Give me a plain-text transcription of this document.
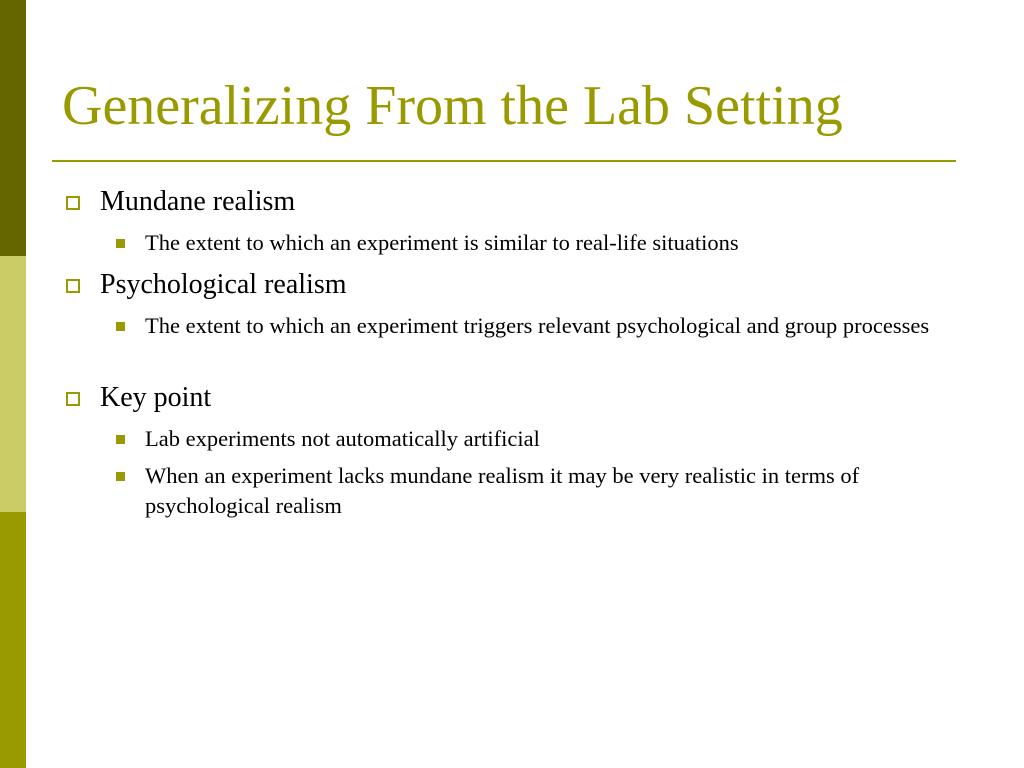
Generalizing From the Lab Setting
Mundane realism
The extent to which an experiment is similar to real-life situations
Psychological realism
The extent to which an experiment triggers relevant psychological and group processes
Key point
Lab experiments not automatically artificial
When an experiment lacks mundane realism it may be very realistic in terms of psychological realism
